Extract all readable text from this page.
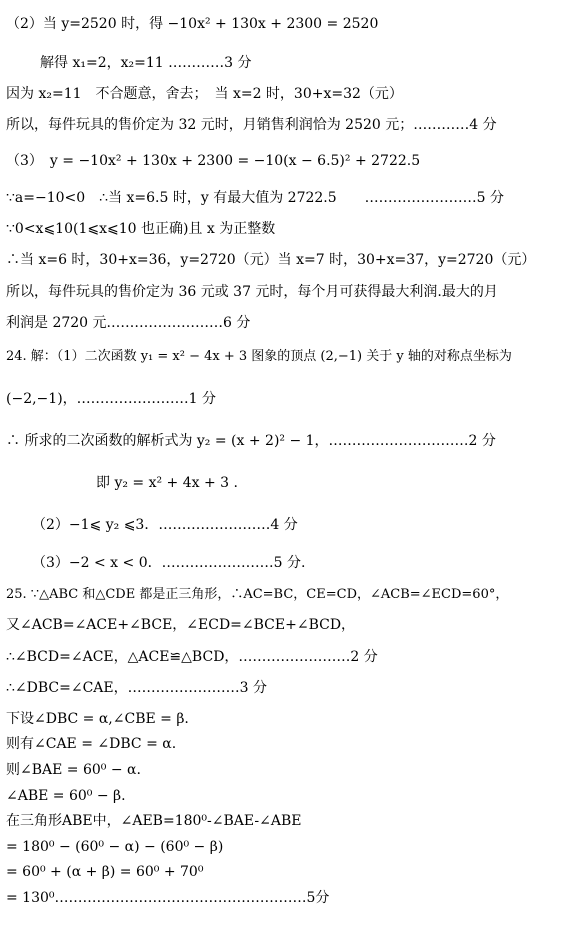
（2）当 y=2520 时，得 −10x² + 130x + 2300 = 2520
解得 x₁=2，x₂=11 …………3 分
因为 x₂=11　不合题意，舍去；　当 x=2 时，30+x=32（元）
所以，每件玩具的售价定为 32 元时，月销售利润恰为 2520 元；…………4 分
（3）　y = −10x² + 130x + 2300 = −10(x − 6.5)² + 2722.5
∵a=−10<0　∴当 x=6.5 时，y 有最大值为 2722.5　　……………………5 分
∵0<x⩽10(1⩽x⩽10 也正确)且 x 为正整数
∴当 x=6 时，30+x=36，y=2720（元）当 x=7 时，30+x=37，y=2720（元）
所以，每件玩具的售价定为 36 元或 37 元时，每个月可获得最大利润.最大的月
利润是 2720 元.……………………6 分
24. 解：（1）二次函数 y₁ = x² − 4x + 3 图象的顶点 (2,−1) 关于 y 轴的对称点坐标为
(−2,−1)，……………………1 分
∴ 所求的二次函数的解析式为 y₂ = (x + 2)² − 1，…………………………2 分
即 y₂ = x² + 4x + 3 .
（2）−1⩽ y₂ ⩽3．……………………4 分
（3）−2 < x < 0．……………………5 分.
25. ∵△ABC 和△CDE 都是正三角形，∴AC=BC，CE=CD，∠ACB=∠ECD=60°，
又∠ACB=∠ACE+∠BCE，∠ECD=∠BCE+∠BCD，
∴∠BCD=∠ACE，△ACE≌△BCD，……………………2 分
∴∠DBC=∠CAE，……………………3 分
下设∠DBC = α,∠CBE = β.
则有∠CAE = ∠DBC = α.
则∠BAE = 60⁰ − α.
∠ABE = 60⁰ − β.
在三角形ABE中，∠AEB=180⁰-∠BAE-∠ABE
= 180⁰ − (60⁰ − α) − (60⁰ − β)
= 60⁰ + (α + β) = 60⁰ + 70⁰
= 130⁰………………………………………………5分
